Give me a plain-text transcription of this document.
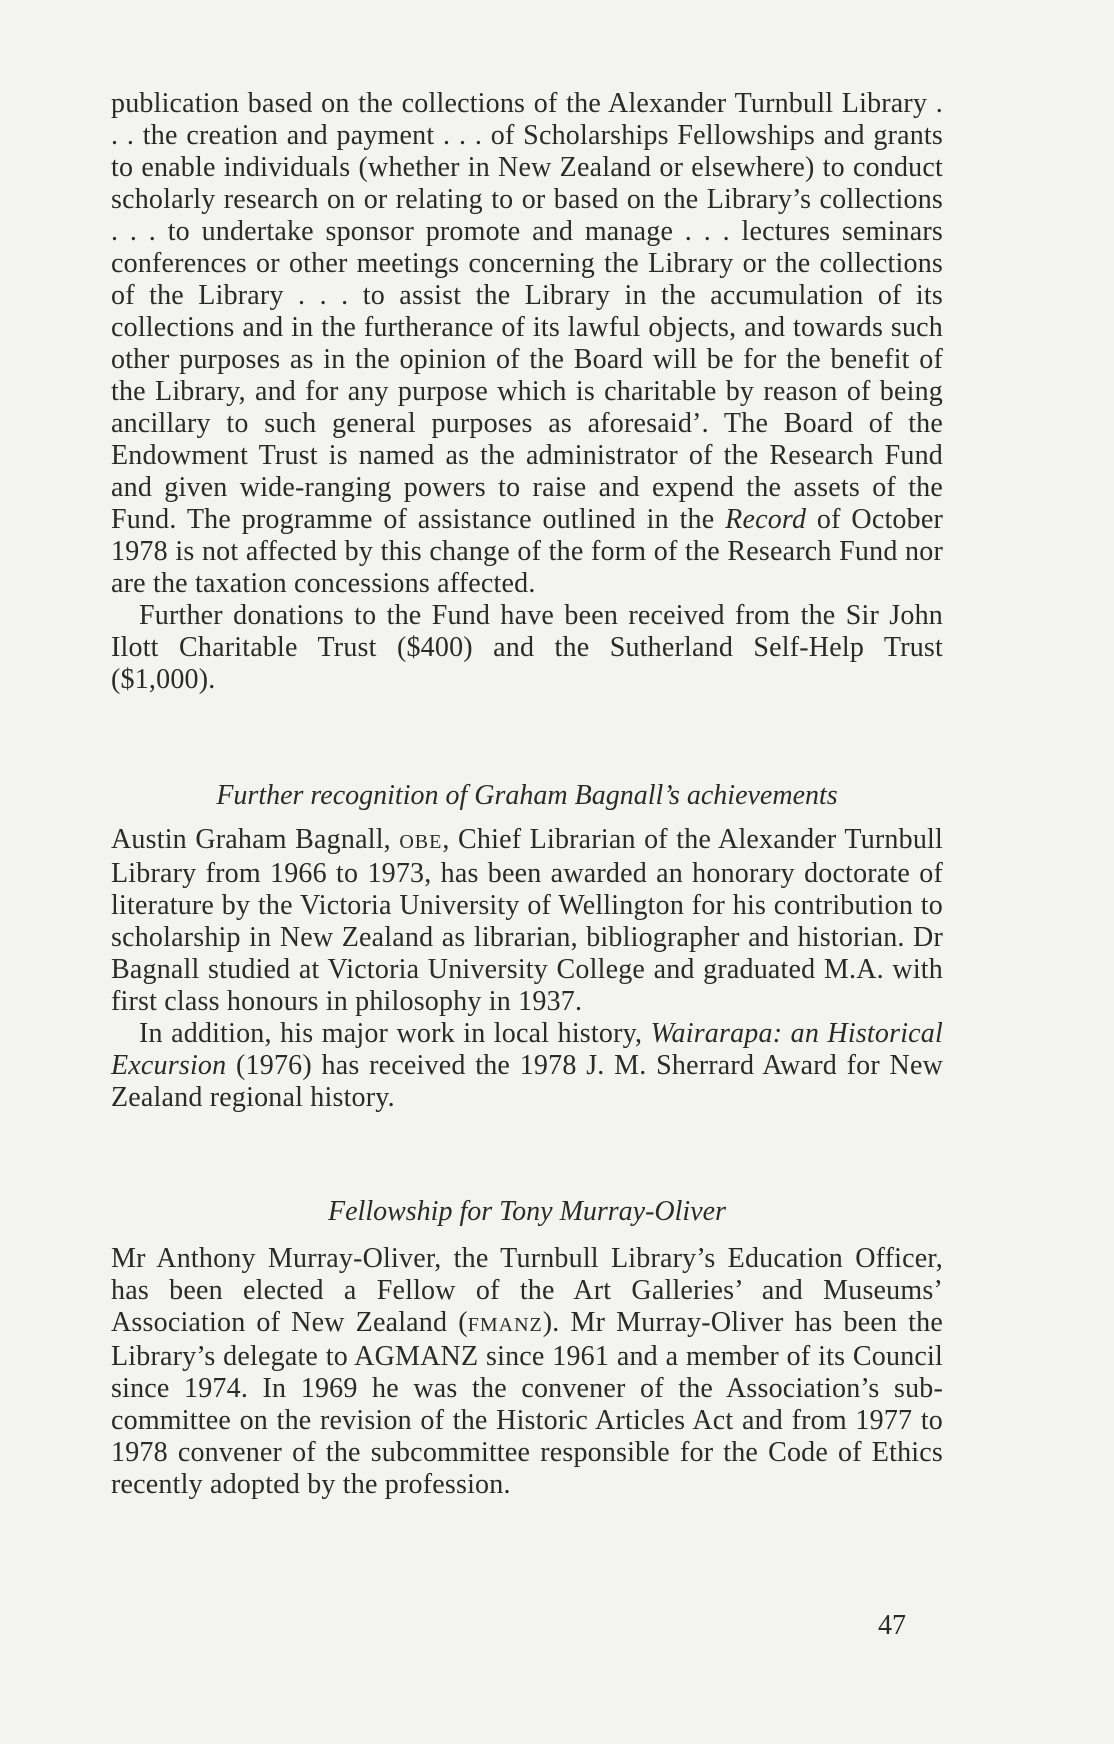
publication based on the collections of the Alexander Turnbull Library . . . the creation and payment . . . of Scholarships Fellowships and grants to enable individuals (whether in New Zealand or elsewhere) to conduct scholarly research on or relating to or based on the Library’s collections . . . to undertake sponsor promote and manage . . . lectures seminars conferences or other meetings concerning the Library or the collections of the Library . . . to assist the Library in the accumulation of its collections and in the furtherance of its lawful objects, and towards such other purposes as in the opinion of the Board will be for the benefit of the Library, and for any purpose which is charitable by reason of being ancillary to such general purposes as aforesaid’. The Board of the Endowment Trust is named as the administrator of the Research Fund and given wide-ranging powers to raise and expend the assets of the Fund. The programme of assistance outlined in the Record of October 1978 is not affected by this change of the form of the Research Fund nor are the taxation concessions affected.

Further donations to the Fund have been received from the Sir John Ilott Charitable Trust ($400) and the Sutherland Self-Help Trust ($1,000).

Further recognition of Graham Bagnall’s achievements

Austin Graham Bagnall, OBE, Chief Librarian of the Alexander Turnbull Library from 1966 to 1973, has been awarded an honorary doctorate of literature by the Victoria University of Wellington for his contribution to scholarship in New Zealand as librarian, bibliographer and historian. Dr Bagnall studied at Victoria University College and graduated M.A. with first class honours in philosophy in 1937.

In addition, his major work in local history, Wairarapa: an Historical Excursion (1976) has received the 1978 J. M. Sherrard Award for New Zealand regional history.

Fellowship for Tony Murray-Oliver

Mr Anthony Murray-Oliver, the Turnbull Library’s Education Officer, has been elected a Fellow of the Art Galleries’ and Museums’ Association of New Zealand (FMANZ). Mr Murray-Oliver has been the Library’s delegate to AGMANZ since 1961 and a member of its Council since 1974. In 1969 he was the convener of the Association’s sub-committee on the revision of the Historic Articles Act and from 1977 to 1978 convener of the subcommittee responsible for the Code of Ethics recently adopted by the profession.

47
